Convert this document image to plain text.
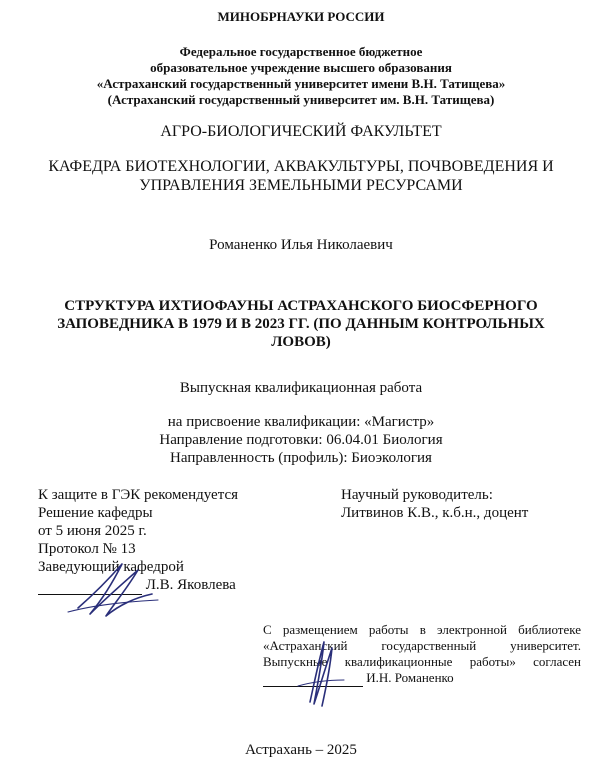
МИНОБРНАУКИ РОССИИ
Федеральное государственное бюджетное
образовательное учреждение высшего образования
«Астраханский государственный университет имени В.Н. Татищева»
(Астраханский государственный университет им. В.Н. Татищева)
АГРО-БИОЛОГИЧЕСКИЙ ФАКУЛЬТЕТ
КАФЕДРА БИОТЕХНОЛОГИИ, АКВАКУЛЬТУРЫ, ПОЧВОВЕДЕНИЯ И
УПРАВЛЕНИЯ ЗЕМЕЛЬНЫМИ РЕСУРСАМИ
Романенко Илья Николаевич
СТРУКТУРА ИХТИОФАУНЫ АСТРАХАНСКОГО БИОСФЕРНОГО
ЗАПОВЕДНИКА В 1979 И В 2023 ГГ. (ПО ДАННЫМ КОНТРОЛЬНЫХ
ЛОВОВ)
Выпускная квалификационная работа
на присвоение квалификации: «Магистр»
Направление подготовки: 06.04.01 Биология
Направленность (профиль): Биоэкология
К защите в ГЭК рекомендуется
Решение кафедры
от 5 июня 2025 г.
Протокол № 13
Заведующий кафедрой
Л.В. Яковлева
Научный руководитель:
Литвинов К.В., к.б.н., доцент
С размещением работы в электронной библиотеке
«Астраханский государственный университет.
Выпускные квалификационные работы» согласен
И.Н. Романенко
Астрахань – 2025
